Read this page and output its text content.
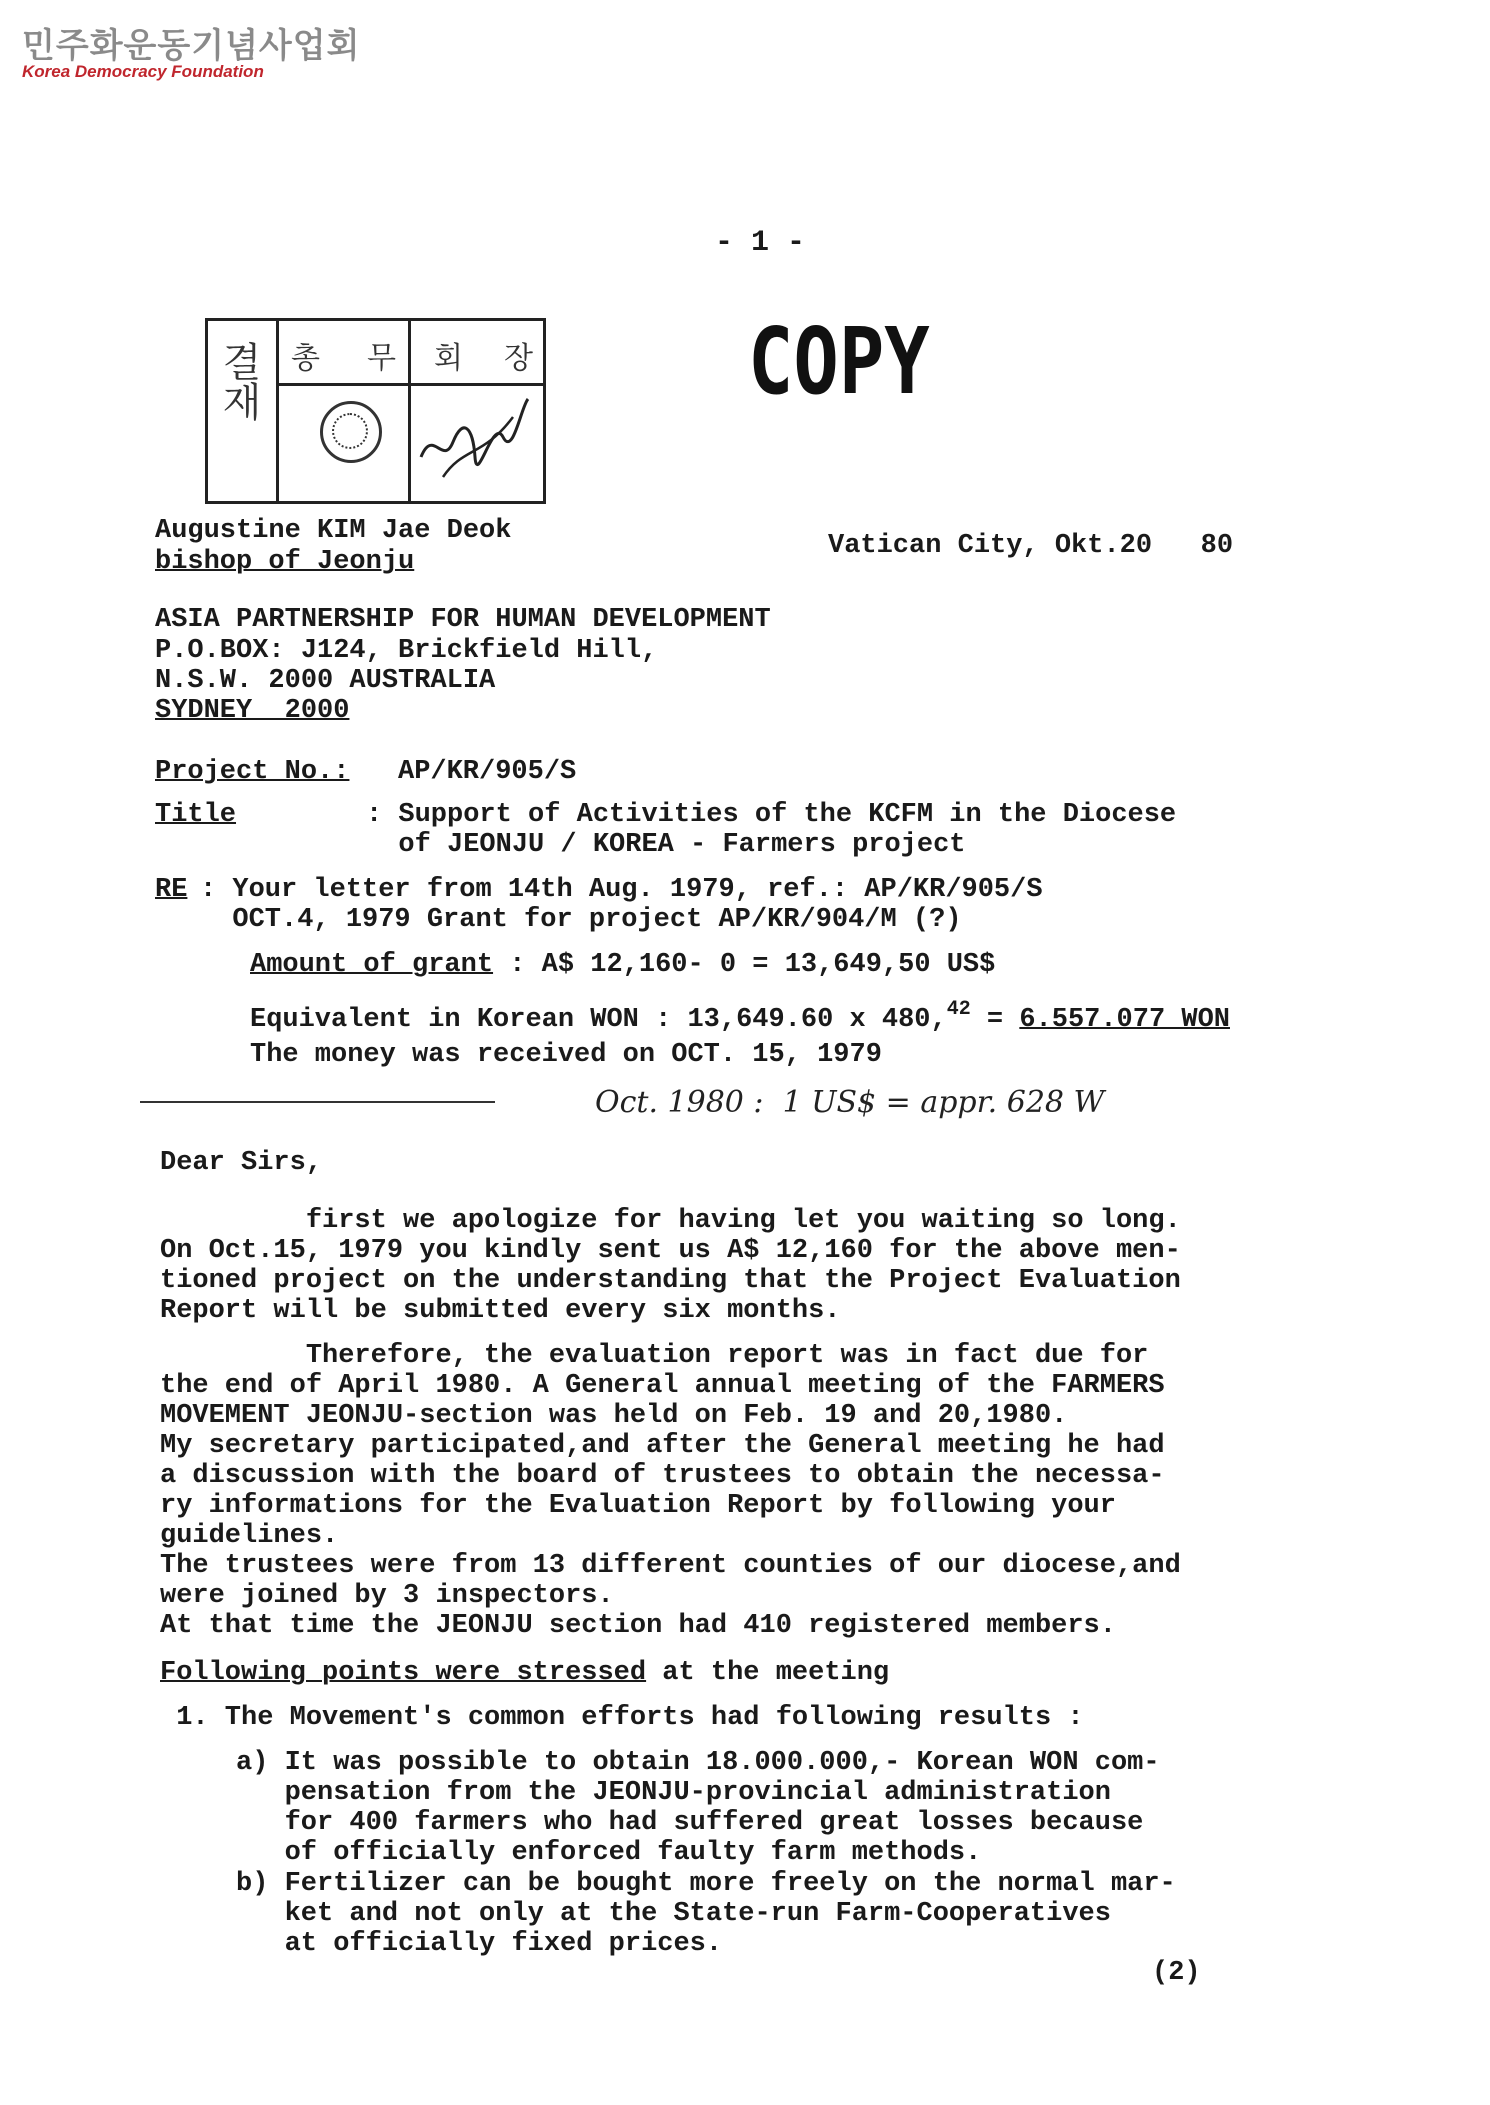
민주화운동기념사업회
Korea Democracy Foundation
- 1 -
COPY
결
재
총 무 회 장
Augustine KIM Jae Deok
bishop of Jeonju
Vatican City, Okt.20   80
ASIA PARTNERSHIP FOR HUMAN DEVELOPMENT
P.O.BOX: J124, Brickfield Hill,
N.S.W. 2000 AUSTRALIA
SYDNEY  2000
Project No.: AP/KR/905/S
Title	: Support of Activities of the KCFM in the Diocese
of JEONJU / KOREA - Farmers project
RE : Your letter from 14th Aug. 1979, ref.: AP/KR/905/S
OCT.4, 1979 Grant for project AP/KR/904/M (?)
Amount of grant : A$ 12,160- 0 = 13,649,50 US$
Equivalent in Korean WON : 13,649.60 x 480,42 = 6.557.077 WON
The money was received on OCT. 15, 1979
Oct. 1980 :  1 US$ = appr. 628 W
Dear Sirs,
first we apologize for having let you waiting so long.
On Oct.15, 1979 you kindly sent us A$ 12,160 for the above men-
tioned project on the understanding that the Project Evaluation
Report will be submitted every six months.
Therefore, the evaluation report was in fact due for
the end of April 1980. A General annual meeting of the FARMERS
MOVEMENT JEONJU-section was held on Feb. 19 and 20,1980.
My secretary participated,and after the General meeting he had
a discussion with the board of trustees to obtain the necessa-
ry informations for the Evaluation Report by following your
guidelines.
The trustees were from 13 different counties of our diocese,and
were joined by 3 inspectors.
At that time the JEONJU section had 410 registered members.
Following points were stressed at the meeting
1. The Movement's common efforts had following results :
a) It was possible to obtain 18.000.000,- Korean WON com-
pensation from the JEONJU-provincial administration
for 400 farmers who had suffered great losses because
of officially enforced faulty farm methods.
b) Fertilizer can be bought more freely on the normal mar-
ket and not only at the State-run Farm-Cooperatives
at officially fixed prices.
(2)
